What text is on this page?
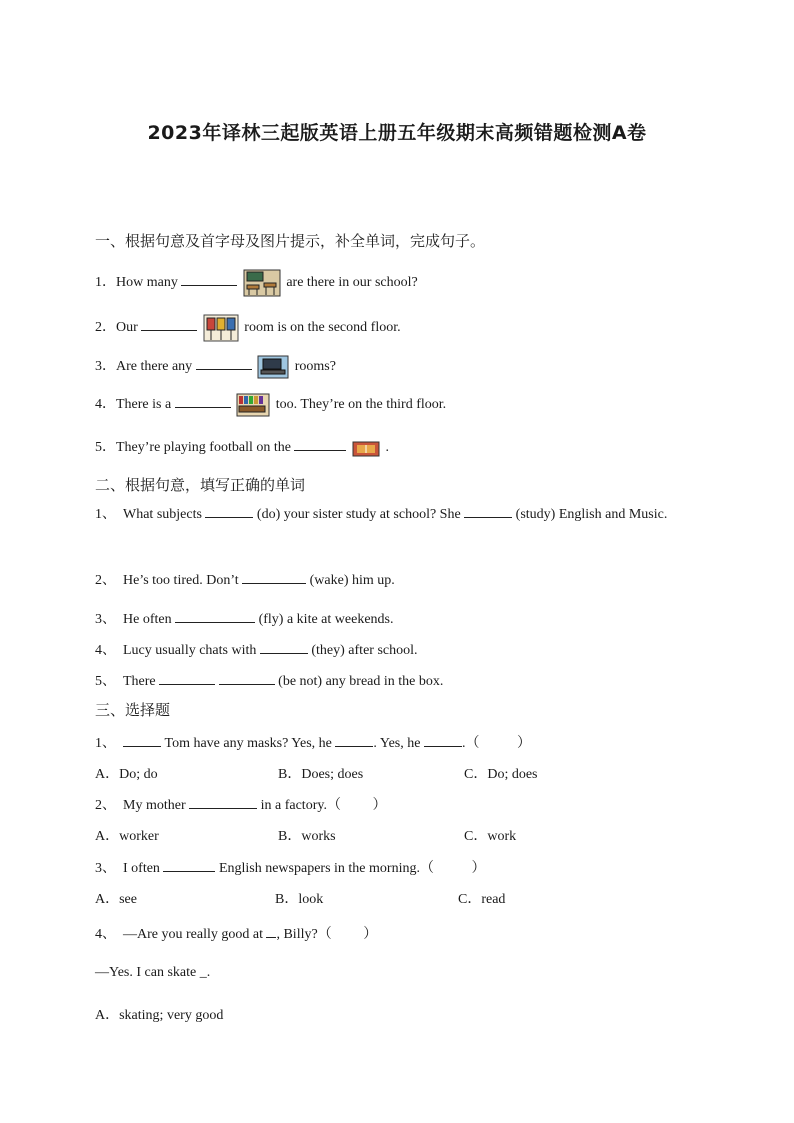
2023年译林三起版英语上册五年级期末高频错题检测A卷
一、根据句意及首字母及图片提示，补全单词，完成句子。
1．How many	are there in our school?
2．Our	room is on the second floor.
3．Are there any	rooms?
4．There is a	too. They’re on the third floor.
5．They’re playing football on the	.
二、根据句意，填写正确的单词
1、 What subjects	(do) your sister study at school? She	(study) English and Music.
2、 He’s too tired. Don’t	(wake) him up.
3、 He often	(fly) a kite at weekends.
4、 Lucy usually chats with	(they) after school.
5、 There	(be not) any bread in the box.
三、选择题
1、	Tom have any masks? Yes, he	. Yes, he	.（	）
A．Do; do	B．Does; does	C．Do; does
2、 My mother	in a factory.（ ）
A．worker	B．works	C．work
3、 I often	English newspapers in the morning.（	）
A．see	B．look	C．read
4、 —Are you really good at , Billy?（ ）
—Yes. I can skate _.
A．skating; very good
